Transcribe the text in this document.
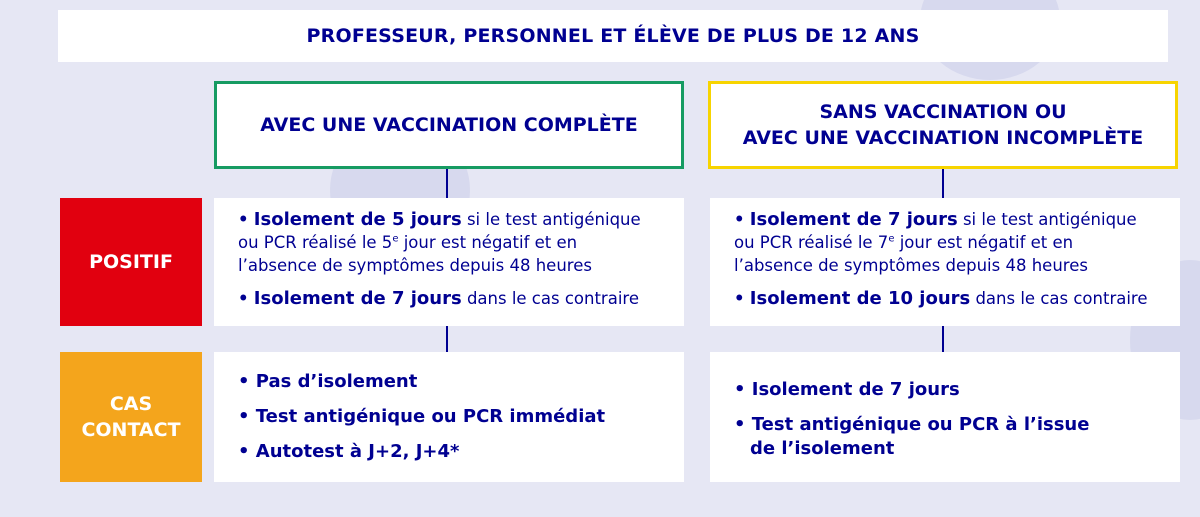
PROFESSEUR, PERSONNEL ET ÉLÈVE DE PLUS DE 12 ANS
AVEC UNE VACCINATION COMPLÈTE
SANS VACCINATION OU
AVEC UNE VACCINATION INCOMPLÈTE
POSITIF
CAS
CONTACT

• Isolement de 5 jours si le test antigénique ou PCR réalisé le 5e jour est négatif et en l’absence de symptômes depuis 48 heures

• Isolement de 7 jours dans le cas contraire

• Isolement de 7 jours si le test antigénique ou PCR réalisé le 7e jour est négatif et en l’absence de symptômes depuis 48 heures

• Isolement de 10 jours dans le cas contraire

• Pas d’isolement
• Test antigénique ou PCR immédiat
• Autotest à J+2, J+4*
• Isolement de 7 jours
• Test antigénique ou PCR à l’issue
de l’isolement
